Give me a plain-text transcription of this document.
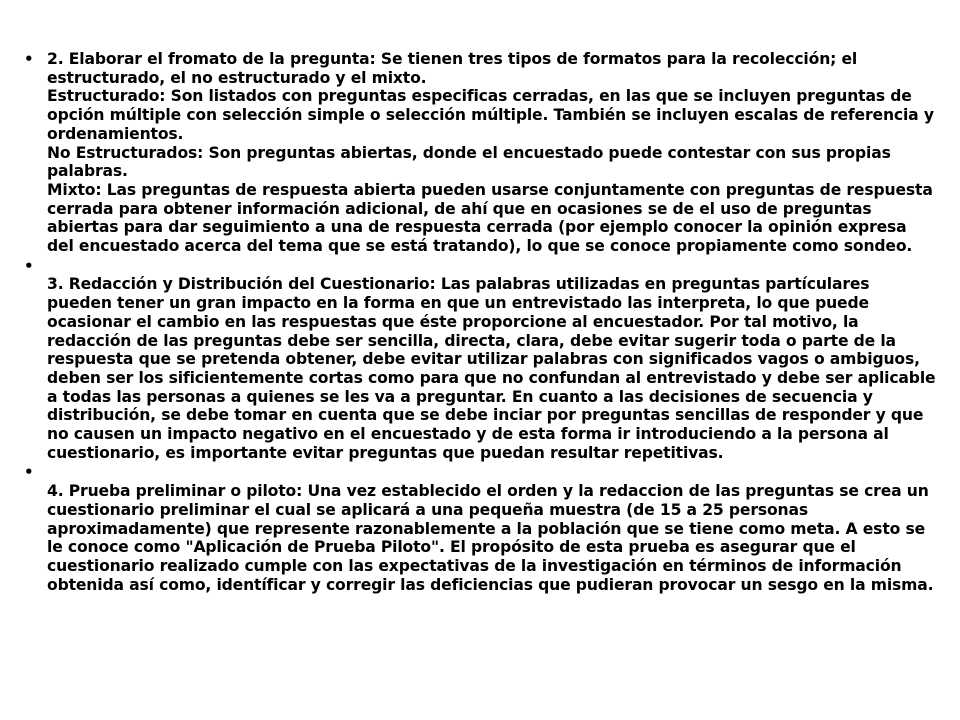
• 2. Elaborar el fromato de la pregunta: Se tienen tres tipos de formatos para la recolección; el estructurado, el no estructurado y el mixto.
Estructurado: Son listados con preguntas especificas cerradas, en las que se incluyen preguntas de opción múltiple con selección simple o selección múltiple. También se incluyen escalas de referencia y ordenamientos.
No Estructurados: Son preguntas abiertas, donde el encuestado puede contestar con sus propias palabras.
Mixto: Las preguntas de respuesta abierta pueden usarse conjuntamente con preguntas de respuesta cerrada para obtener información adicional, de ahí que en ocasiones se de el uso de preguntas abiertas para dar seguimiento a una de respuesta cerrada (por ejemplo conocer la opinión expresa del encuestado acerca del tema que se está tratando), lo que se conoce propiamente como sondeo.
•
3. Redacción y Distribución del Cuestionario: Las palabras utilizadas en preguntas partículares pueden tener un gran impacto en la forma en que un entrevistado las interpreta, lo que puede ocasionar el cambio en las respuestas que éste proporcione al encuestador. Por tal motivo, la redacción de las preguntas debe ser sencilla, directa, clara, debe evitar sugerir toda o parte de la respuesta que se pretenda obtener, debe evitar utilizar palabras con significados vagos o ambiguos, deben ser los sificientemente cortas como para que no confundan al entrevistado y debe ser aplicable a todas las personas a quienes se les va a preguntar. En cuanto a las decisiones de secuencia y distribución, se debe tomar en cuenta que se debe inciar por preguntas sencillas de responder y que no causen un impacto negativo en el encuestado y de esta forma ir introduciendo a la persona al cuestionario, es importante evitar preguntas que puedan resultar repetitivas.
•
4. Prueba preliminar o piloto: Una vez establecido el orden y la redaccion de las preguntas se crea un cuestionario preliminar el cual se aplicará a una pequeña muestra (de 15 a 25 personas aproximadamente) que represente razonablemente a la población que se tiene como meta. A esto se le conoce como "Aplicación de Prueba Piloto". El propósito de esta prueba es asegurar que el cuestionario realizado cumple con las expectativas de la investigación en términos de información obtenida así como, identíficar y corregir las deficiencias que pudieran provocar un sesgo en la misma.
